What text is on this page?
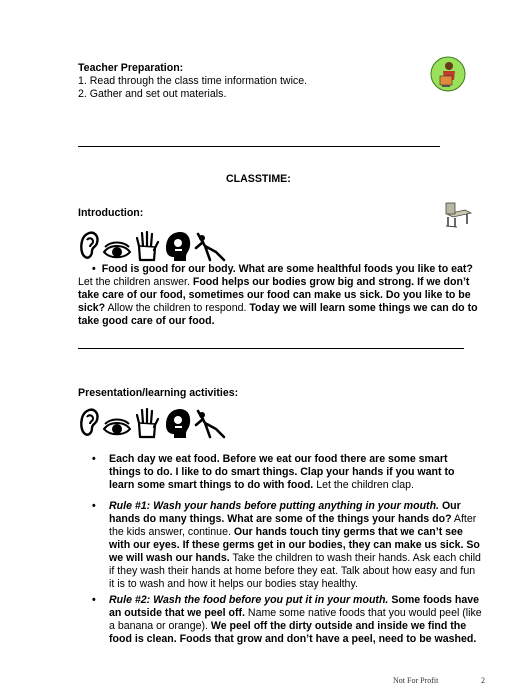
Teacher Preparation:
1. Read through the class time information twice.
2. Gather and set out materials.
CLASSTIME:
Introduction:

• Food is good for our body. What are some healthful foods you like to eat? Let the children answer. Food helps our bodies grow big and strong. If we don’t take care of our food, sometimes our food can make us sick. Do you like to be sick? Allow the children to respond. Today we will learn some things we can do to take good care of our food.

Presentation/learning activities:
• Each day we eat food. Before we eat our food there are some smart things to do. I like to do smart things. Clap your hands if you want to learn some smart things to do with food. Let the children clap.

• Rule #1: Wash your hands before putting anything in your mouth. Our hands do many things. What are some of the things your hands do? After the kids answer, continue. Our hands touch tiny germs that we can’t see with our eyes. If these germs get in our bodies, they can make us sick. So we will wash our hands. Take the children to wash their hands. Ask each child if they wash their hands at home before they eat. Talk about how easy and fun it is to wash and how it helps our bodies stay healthy.

• Rule #2: Wash the food before you put it in your mouth. Some foods have an outside that we peel off. Name some native foods that you would peel (like a banana or orange). We peel off the dirty outside and inside we find the food is clean. Foods that grow and don’t have a peel, need to be washed.

Not For Profit	2
